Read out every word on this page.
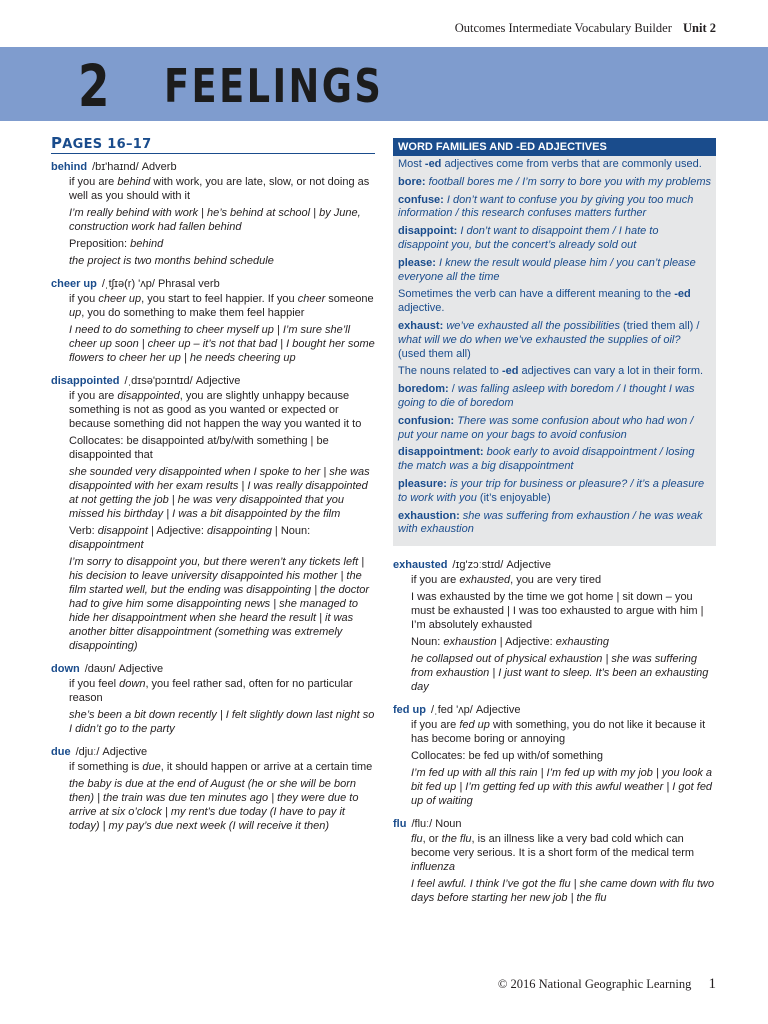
Outcomes Intermediate Vocabulary Builder Unit 2
2 FEELINGS
PAGES 16–17
behind /bɪ'haɪnd/ Adverb
if you are behind with work, you are late, slow, or not doing as well as you should with it
I’m really behind with work | he’s behind at school | by June, construction work had fallen behind
Preposition: behind
the project is two months behind schedule
cheer up /ˌtʃɪə(r) 'ʌp/ Phrasal verb
if you cheer up, you start to feel happier. If you cheer someone up, you do something to make them feel happier
I need to do something to cheer myself up | I’m sure she’ll cheer up soon | cheer up – it’s not that bad | I bought her some flowers to cheer her up | he needs cheering up
disappointed /ˌdɪsə'pɔɪntɪd/ Adjective
if you are disappointed, you are slightly unhappy because something is not as good as you wanted or expected or because something did not happen the way you wanted it to
Collocates: be disappointed at/by/with something | be disappointed that
she sounded very disappointed when I spoke to her | she was disappointed with her exam results | I was really disappointed at not getting the job | he was very disappointed that you missed his birthday | I was a bit disappointed by the film
Verb: disappoint | Adjective: disappointing | Noun: disappointment
I’m sorry to disappoint you, but there weren’t any tickets left | his decision to leave university disappointed his mother | the film started well, but the ending was disappointing | the doctor had to give him some disappointing news | she managed to hide her disappointment when she heard the result | it was another bitter disappointment (something was extremely disappointing)
down /daʊn/ Adjective
if you feel down, you feel rather sad, often for no particular reason
she’s been a bit down recently | I felt slightly down last night so I didn’t go to the party
due /djuː/ Adjective
if something is due, it should happen or arrive at a certain time
the baby is due at the end of August (he or she will be born then) | the train was due ten minutes ago | they were due to arrive at six o’clock | my rent’s due today (I have to pay it today) | my pay’s due next week (I will receive it then)
WORD FAMILIES AND -ED ADJECTIVES

Most -ed adjectives come from verbs that are commonly used.

bore: football bores me / I’m sorry to bore you with my problems

confuse: I don’t want to confuse you by giving you too much information / this research confuses matters further

disappoint: I don’t want to disappoint them / I hate to disappoint you, but the concert’s already sold out

please: I knew the result would please him / you can’t please everyone all the time

Sometimes the verb can have a different meaning to the -ed adjective.

exhaust: we’ve exhausted all the possibilities (tried them all) / what will we do when we’ve exhausted the supplies of oil? (used them all)

The nouns related to -ed adjectives can vary a lot in their form.

boredom: / was falling asleep with boredom / I thought I was going to die of boredom

confusion: There was some confusion about who had won / put your name on your bags to avoid confusion

disappointment: book early to avoid disappointment / losing the match was a big disappointment

pleasure: is your trip for business or pleasure? / it’s a pleasure to work with you (it’s enjoyable)

exhaustion: she was suffering from exhaustion / he was weak with exhaustion

exhausted /ɪg'zɔːstɪd/ Adjective
if you are exhausted, you are very tired
I was exhausted by the time we got home | sit down – you must be exhausted | I was too exhausted to argue with him | I’m absolutely exhausted
Noun: exhaustion | Adjective: exhausting
he collapsed out of physical exhaustion | she was suffering from exhaustion | I just want to sleep. It’s been an exhausting day
fed up /ˌfed 'ʌp/ Adjective
if you are fed up with something, you do not like it because it has become boring or annoying
Collocates: be fed up with/of something
I’m fed up with all this rain | I’m fed up with my job | you look a bit fed up | I’m getting fed up with this awful weather | I got fed up of waiting
flu /fluː/ Noun
flu, or the flu, is an illness like a very bad cold which can become very serious. It is a short form of the medical term influenza
I feel awful. I think I’ve got the flu | she came down with flu two days before starting her new job | the flu
© 2016 National Geographic Learning 1
